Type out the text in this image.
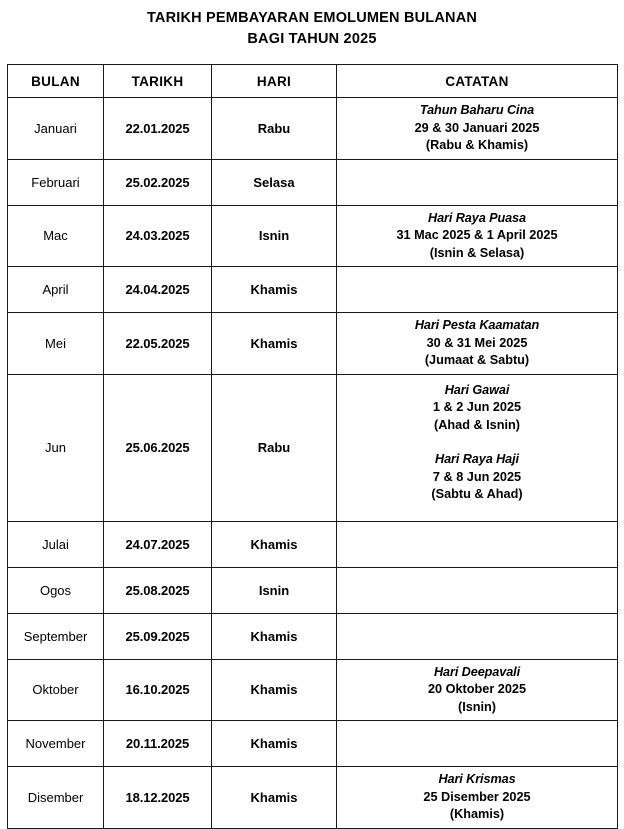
TARIKH PEMBAYARAN EMOLUMEN BULANAN
BAGI TAHUN 2025
BULAN	TARIKH	HARI	CATATAN
Januari	22.01.2025	Rabu	Tahun Baharu Cina
29 & 30 Januari 2025
(Rabu & Khamis)

Februari	25.02.2025	Selasa	
Mac	24.03.2025	Isnin	Hari Raya Puasa
31 Mac 2025 & 1 April 2025
(Isnin & Selasa)

April	24.04.2025	Khamis	
Mei	22.05.2025	Khamis	Hari Pesta Kaamatan
30 & 31 Mei 2025
(Jumaat & Sabtu)

Jun	25.06.2025	Rabu	
Hari Gawai
1 & 2 Jun 2025
(Ahad & Isnin)
Hari Raya Haji
7 & 8 Jun 2025
(Sabtu & Ahad)

Julai	24.07.2025	Khamis	
Ogos	25.08.2025	Isnin	
September	25.09.2025	Khamis	
Oktober	16.10.2025	Khamis	Hari Deepavali
20 Oktober 2025
(Isnin)

November	20.11.2025	Khamis	
Disember	18.12.2025	Khamis	Hari Krismas
25 Disember 2025
(Khamis)
